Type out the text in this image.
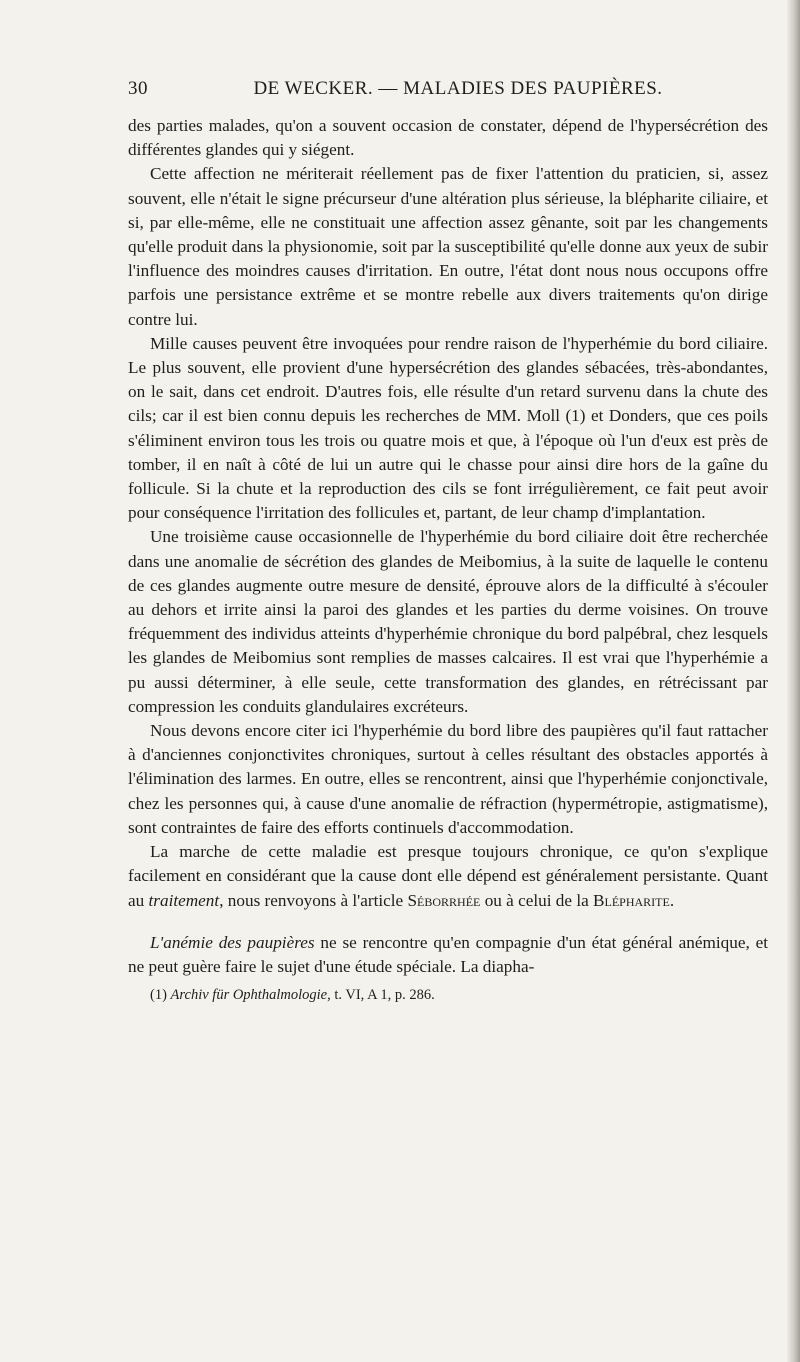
30	DE WECKER. — MALADIES DES PAUPIÈRES.

des parties malades, qu'on a souvent occasion de constater, dépend de l'hypersécrétion des différentes glandes qui y siégent.

Cette affection ne mériterait réellement pas de fixer l'attention du praticien, si, assez souvent, elle n'était le signe précurseur d'une altération plus sérieuse, la blépharite ciliaire, et si, par elle-même, elle ne constituait une affection assez gênante, soit par les changements qu'elle produit dans la physionomie, soit par la susceptibilité qu'elle donne aux yeux de subir l'influence des moindres causes d'irritation. En outre, l'état dont nous nous occupons offre parfois une persistance extrême et se montre rebelle aux divers traitements qu'on dirige contre lui.

Mille causes peuvent être invoquées pour rendre raison de l'hyperhémie du bord ciliaire. Le plus souvent, elle provient d'une hypersécrétion des glandes sébacées, très-abondantes, on le sait, dans cet endroit. D'autres fois, elle résulte d'un retard survenu dans la chute des cils; car il est bien connu depuis les recherches de MM. Moll (1) et Donders, que ces poils s'éliminent environ tous les trois ou quatre mois et que, à l'époque où l'un d'eux est près de tomber, il en naît à côté de lui un autre qui le chasse pour ainsi dire hors de la gaîne du follicule. Si la chute et la reproduction des cils se font irrégulièrement, ce fait peut avoir pour conséquence l'irritation des follicules et, partant, de leur champ d'implantation.

Une troisième cause occasionnelle de l'hyperhémie du bord ciliaire doit être recherchée dans une anomalie de sécrétion des glandes de Meibomius, à la suite de laquelle le contenu de ces glandes augmente outre mesure de densité, éprouve alors de la difficulté à s'écouler au dehors et irrite ainsi la paroi des glandes et les parties du derme voisines. On trouve fréquemment des individus atteints d'hyperhémie chronique du bord palpébral, chez lesquels les glandes de Meibomius sont remplies de masses calcaires. Il est vrai que l'hyperhémie a pu aussi déterminer, à elle seule, cette transformation des glandes, en rétrécissant par compression les conduits glandulaires excréteurs.

Nous devons encore citer ici l'hyperhémie du bord libre des paupières qu'il faut rattacher à d'anciennes conjonctivites chroniques, surtout à celles résultant des obstacles apportés à l'élimination des larmes. En outre, elles se rencontrent, ainsi que l'hyperhémie conjonctivale, chez les personnes qui, à cause d'une anomalie de réfraction (hypermétropie, astigmatisme), sont contraintes de faire des efforts continuels d'accommodation.

La marche de cette maladie est presque toujours chronique, ce qu'on s'explique facilement en considérant que la cause dont elle dépend est généralement persistante. Quant au traitement, nous renvoyons à l'article Séborrhée ou à celui de la Blépharite.

L'anémie des paupières ne se rencontre qu'en compagnie d'un état général anémique, et ne peut guère faire le sujet d'une étude spéciale. La diapha-

(1) Archiv für Ophthalmologie, t. VI, A 1, p. 286.
